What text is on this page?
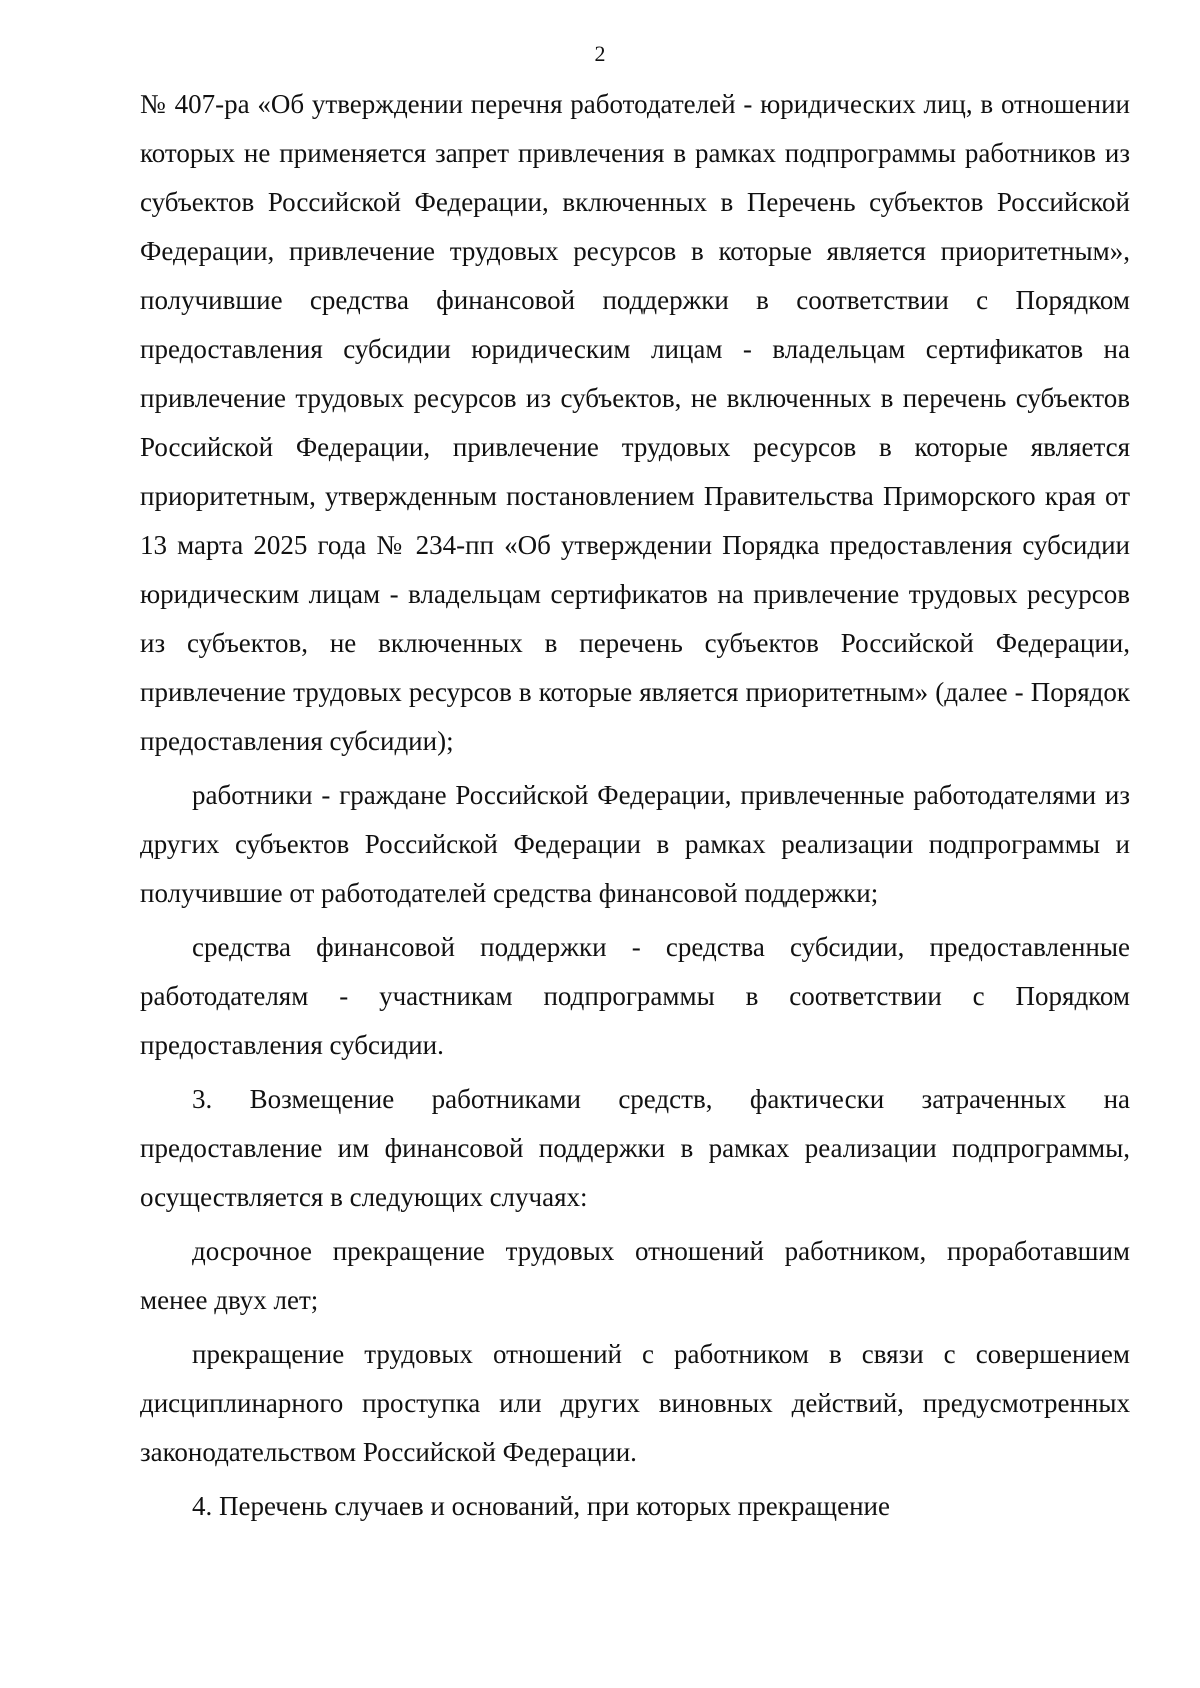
2

№ 407-ра «Об утверждении перечня работодателей - юридических лиц, в отношении которых не применяется запрет привлечения в рамках подпрограммы работников из субъектов Российской Федерации, включенных в Перечень субъектов Российской Федерации, привлечение трудовых ресурсов в которые является приоритетным», получившие средства финансовой поддержки в соответствии с Порядком предоставления субсидии юридическим лицам - владельцам сертификатов на привлечение трудовых ресурсов из субъектов, не включенных в перечень субъектов Российской Федерации, привлечение трудовых ресурсов в которые является приоритетным, утвержденным постановлением Правительства Приморского края от 13 марта 2025 года № 234-пп «Об утверждении Порядка предоставления субсидии юридическим лицам - владельцам сертификатов на привлечение трудовых ресурсов из субъектов, не включенных в перечень субъектов Российской Федерации, привлечение трудовых ресурсов в которые является приоритетным» (далее - Порядок предоставления субсидии);

работники - граждане Российской Федерации, привлеченные работодателями из других субъектов Российской Федерации в рамках реализации подпрограммы и получившие от работодателей средства финансовой поддержки;

средства финансовой поддержки - средства субсидии, предоставленные работодателям - участникам подпрограммы в соответствии с Порядком предоставления субсидии.

3. Возмещение работниками средств, фактически затраченных на предоставление им финансовой поддержки в рамках реализации подпрограммы, осуществляется в следующих случаях:

досрочное прекращение трудовых отношений работником, проработавшим менее двух лет;

прекращение трудовых отношений с работником в связи с совершением дисциплинарного проступка или других виновных действий, предусмотренных законодательством Российской Федерации.

4. Перечень случаев и оснований, при которых прекращение
